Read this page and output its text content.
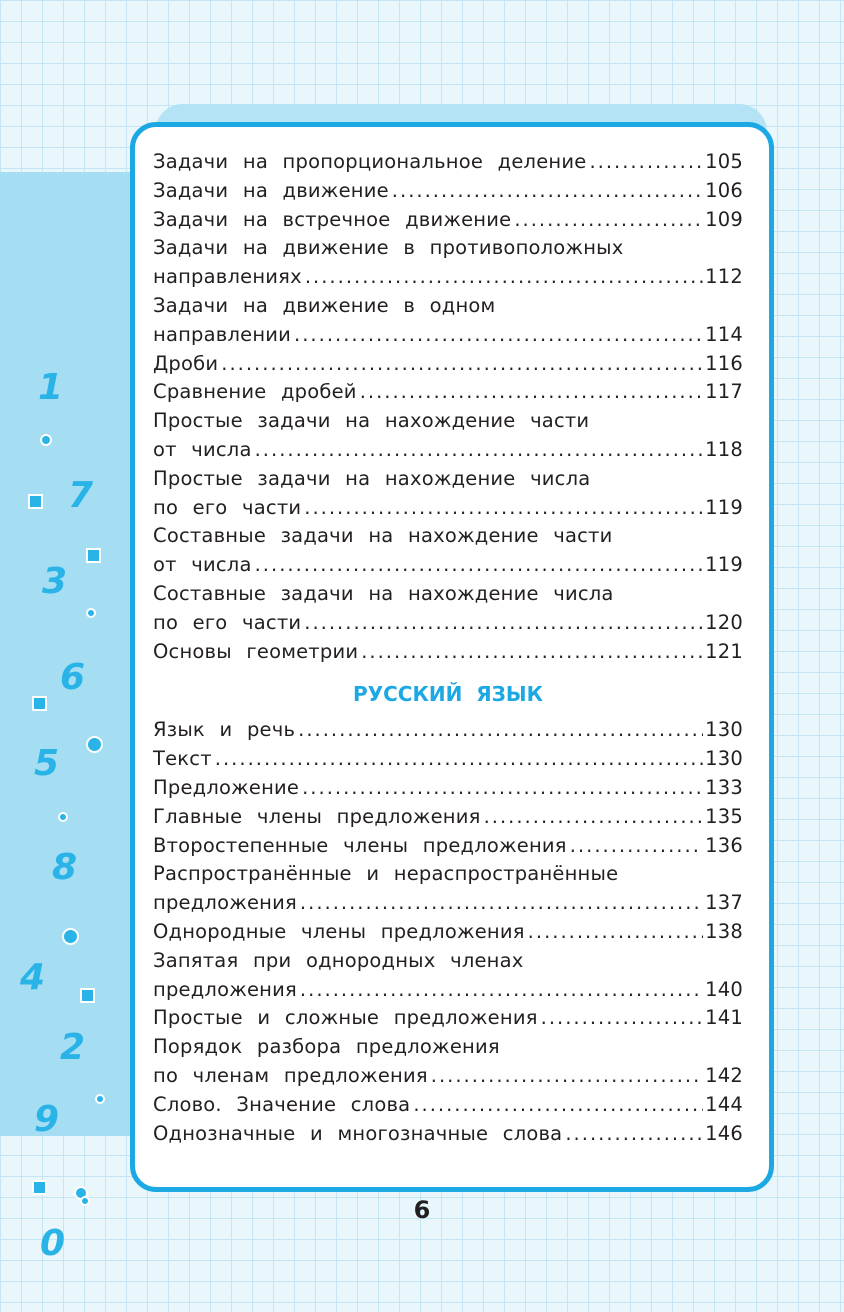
1
7
3
6
5
8
4
2
9
0
Задачи на пропорциональное деление .....	105
Задачи на движение .....	106
Задачи на встречное движение .....	109
Задачи на движение в противоположных
направлениях .....	112
Задачи на движение в одном
направлении .....	114
Дроби .....	116
Сравнение дробей .....	117
Простые задачи на нахождение части
от числа .....	118
Простые задачи на нахождение числа
по его части .....	119
Составные задачи на нахождение части
от числа .....	119
Составные задачи на нахождение числа
по его части .....	120
Основы геометрии .....	121
РУССКИЙ ЯЗЫК
Язык и речь .....	130
Текст .....	130
Предложение .....	133
Главные члены предложения .....	135
Второстепенные члены предложения .....	136
Распространённые и нераспространённые
предложения .....	137
Однородные члены предложения .....	138
Запятая при однородных членах
предложения .....	140
Простые и сложные предложения .....	141
Порядок разбора предложения
по членам предложения .....	142
Слово. Значение слова .....	144
Однозначные и многозначные слова .....	146
6
